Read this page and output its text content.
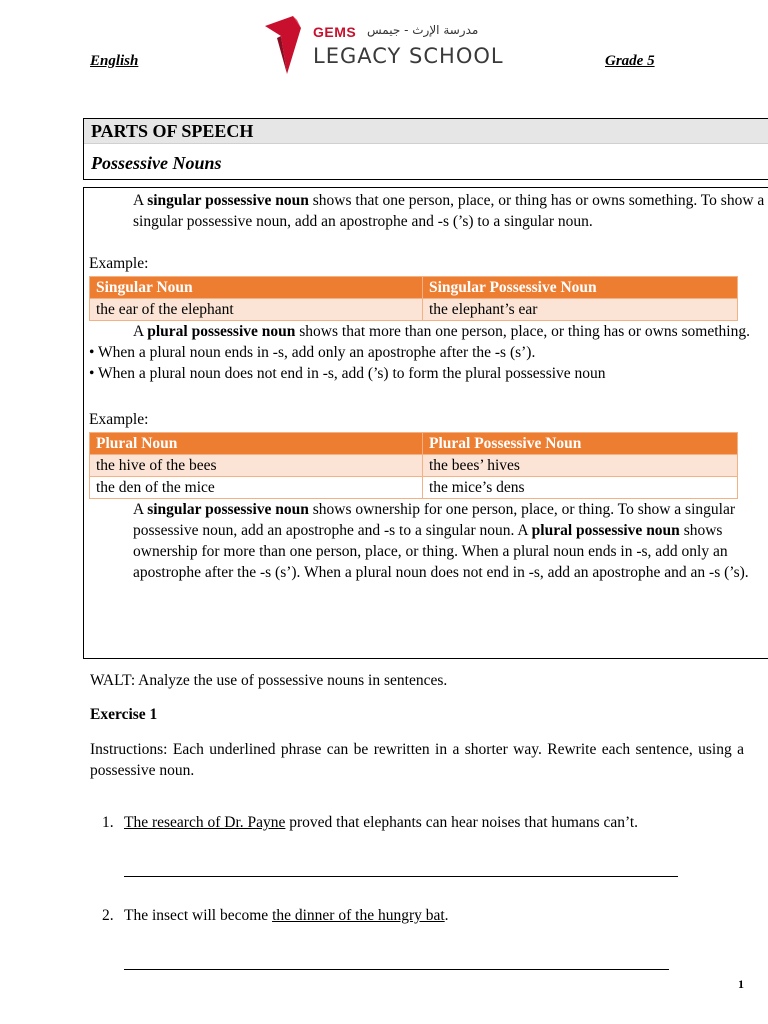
English
GEMS مدرسة الإرث - جيمس
LEGACY SCHOOL	Grade 5
PARTS OF SPEECH
Possessive Nouns

A singular possessive noun shows that one person, place, or thing has or owns something. To show a singular possessive noun, add an apostrophe and -s (’s) to a singular noun.

Example:

Singular Noun	Singular Possessive Noun
the ear of the elephant	the elephant’s ear

A plural possessive noun shows that more than one person, place, or thing has or owns something.

• When a plural noun ends in -s, add only an apostrophe after the -s (s’).

• When a plural noun does not end in -s, add (’s) to form the plural possessive noun

Example:

Plural Noun	Plural Possessive Noun
the hive of the bees	the bees’ hives
the den of the mice	the mice’s dens

A singular possessive noun shows ownership for one person, place, or thing. To show a singular possessive noun, add an apostrophe and -s to a singular noun. A plural possessive noun shows ownership for more than one person, place, or thing. When a plural noun ends in -s, add only an apostrophe after the -s (s’). When a plural noun does not end in -s, add an apostrophe and an -s (’s).

WALT: Analyze the use of possessive nouns in sentences.
Exercise 1
Instructions: Each underlined phrase can be rewritten in a shorter way. Rewrite each sentence, using a possessive noun.
1. The research of Dr. Payne proved that elephants can hear noises that humans can’t.
2. The insect will become the dinner of the hungry bat.
1
